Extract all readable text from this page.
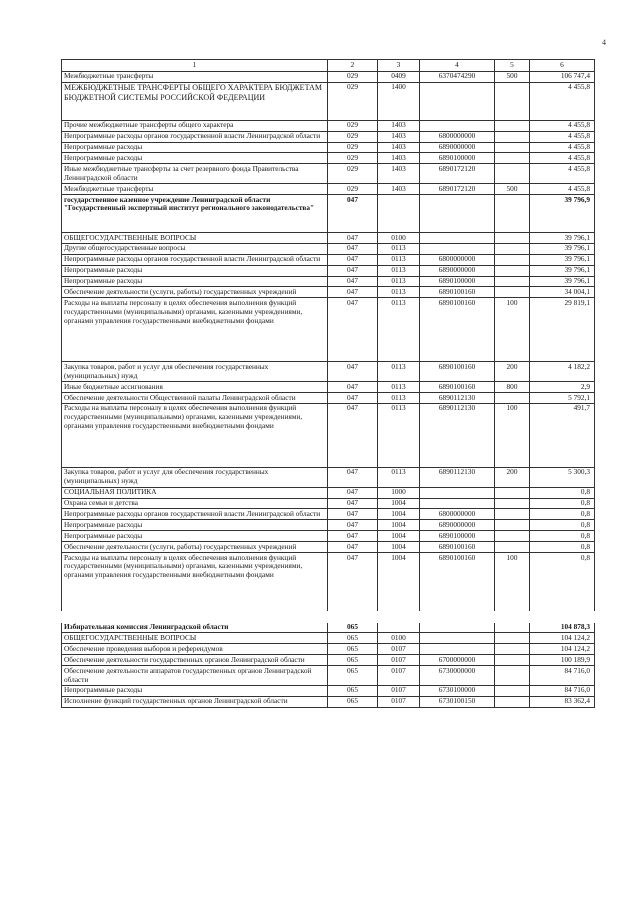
4
1	2	3	4	5	6
Межбюджетные трансферты	029	0409	6370474290	500	106 747,4
МЕЖБЮДЖЕТНЫЕ ТРАНСФЕРТЫ ОБЩЕГО ХАРАКТЕРА БЮДЖЕТАМ БЮДЖЕТНОЙ СИСТЕМЫ РОССИЙСКОЙ ФЕДЕРАЦИИ	029	1400			4 455,8
Прочие межбюджетные трансферты общего характера	029	1403			4 455,8
Непрограммные расходы органов государственной власти Ленинградской области	029	1403	6800000000		4 455,8
Непрограммные расходы	029	1403	6890000000		4 455,8
Непрограммные расходы	029	1403	6890100000		4 455,8
Иные межбюджетные трансферты за счет резервного фонда Правительства Ленинградской области	029	1403	6890172120		4 455,8
Межбюджетные трансферты	029	1403	6890172120	500	4 455,8
государственное казенное учреждение Ленинградской области "Государственный экспертный институт регионального законодательства"	047				39 796,9
ОБЩЕГОСУДАРСТВЕННЫЕ ВОПРОСЫ	047	0100			39 796,1
Другие общегосударственные вопросы	047	0113			39 796,1
Непрограммные расходы органов государственной власти Ленинградской области	047	0113	6800000000		39 796,1
Непрограммные расходы	047	0113	6890000000		39 796,1
Непрограммные расходы	047	0113	6890100000		39 796,1
Обеспечение деятельности (услуги, работы) государственных учреждений	047	0113	6890100160		34 004,1
Расходы на выплаты персоналу в целях обеспечения выполнения функций государственными (муниципальными) органами, казенными учреждениями, органами управления государственными внебюджетными фондами	047	0113	6890100160	100	29 819,1
Закупка товаров, работ и услуг для обеспечения государственных (муниципальных) нужд	047	0113	6890100160	200	4 182,2
Иные бюджетные ассигнования	047	0113	6890100160	800	2,9
Обеспечение деятельности Общественной палаты Ленинградской области	047	0113	6890112130		5 792,1
Расходы на выплаты персоналу в целях обеспечения выполнения функций государственными (муниципальными) органами, казенными учреждениями, органами управления государственными внебюджетными фондами	047	0113	6890112130	100	491,7
Закупка товаров, работ и услуг для обеспечения государственных (муниципальных) нужд	047	0113	6890112130	200	5 300,3
СОЦИАЛЬНАЯ ПОЛИТИКА	047	1000			0,8
Охрана семьи и детства	047	1004			0,8
Непрограммные расходы органов государственной власти Ленинградской области	047	1004	6800000000		0,8
Непрограммные расходы	047	1004	6890000000		0,8
Непрограммные расходы	047	1004	6890100000		0,8
Обеспечение деятельности (услуги, работы) государственных учреждений	047	1004	6890100160		0,8
Расходы на выплаты персоналу в целях обеспечения выполнения функций государственными (муниципальными) органами, казенными учреждениями, органами управления государственными внебюджетными фондами	047	1004	6890100160	100	0,8
Избирательная комиссия Ленинградской области	065				104 878,3
ОБЩЕГОСУДАРСТВЕННЫЕ ВОПРОСЫ	065	0100			104 124,2
Обеспечение проведения выборов и референдумов	065	0107			104 124,2
Обеспечение деятельности государственных органов Ленинградской области	065	0107	6700000000		100 189,9
Обеспечение деятельности аппаратов государственных органов Ленинградской области	065	0107	6730000000		84 716,0
Непрограммные расходы	065	0107	6730100000		84 716,0
Исполнение функций государственных органов Ленинградской области	065	0107	6730100150		83 362,4
